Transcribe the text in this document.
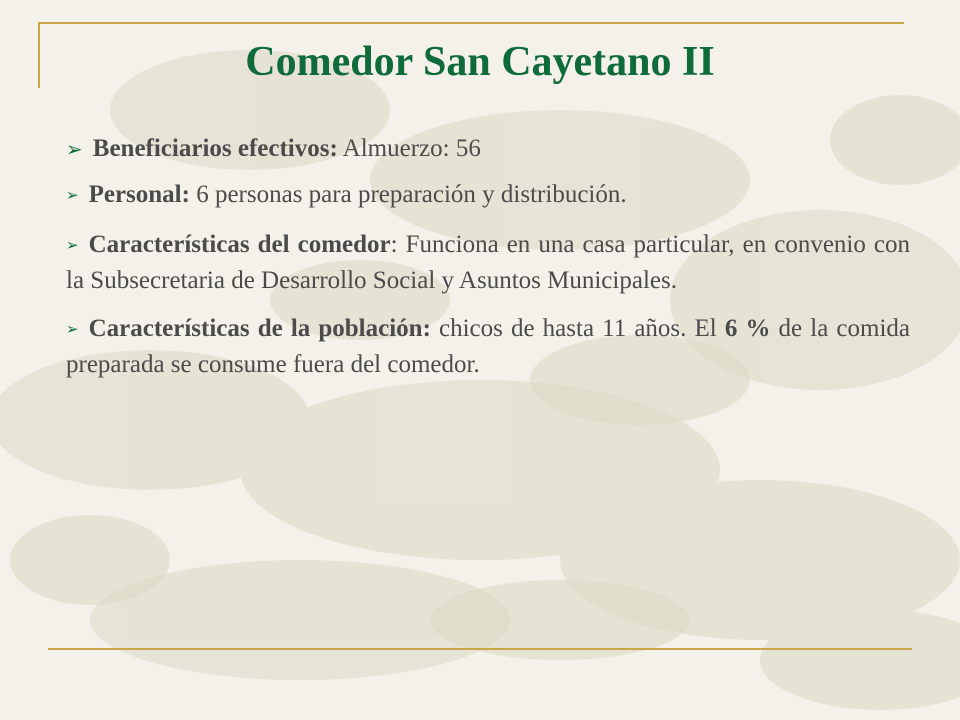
Comedor San Cayetano II
➢ Beneficiarios efectivos: Almuerzo: 56
➢ Personal: 6 personas para preparación y distribución.
➢ Características del comedor: Funciona en una casa particular, en convenio con la Subsecretaria de Desarrollo Social y Asuntos Municipales.
➢ Características de la población: chicos de hasta 11 años. El 6 % de la comida preparada se consume fuera del comedor.
